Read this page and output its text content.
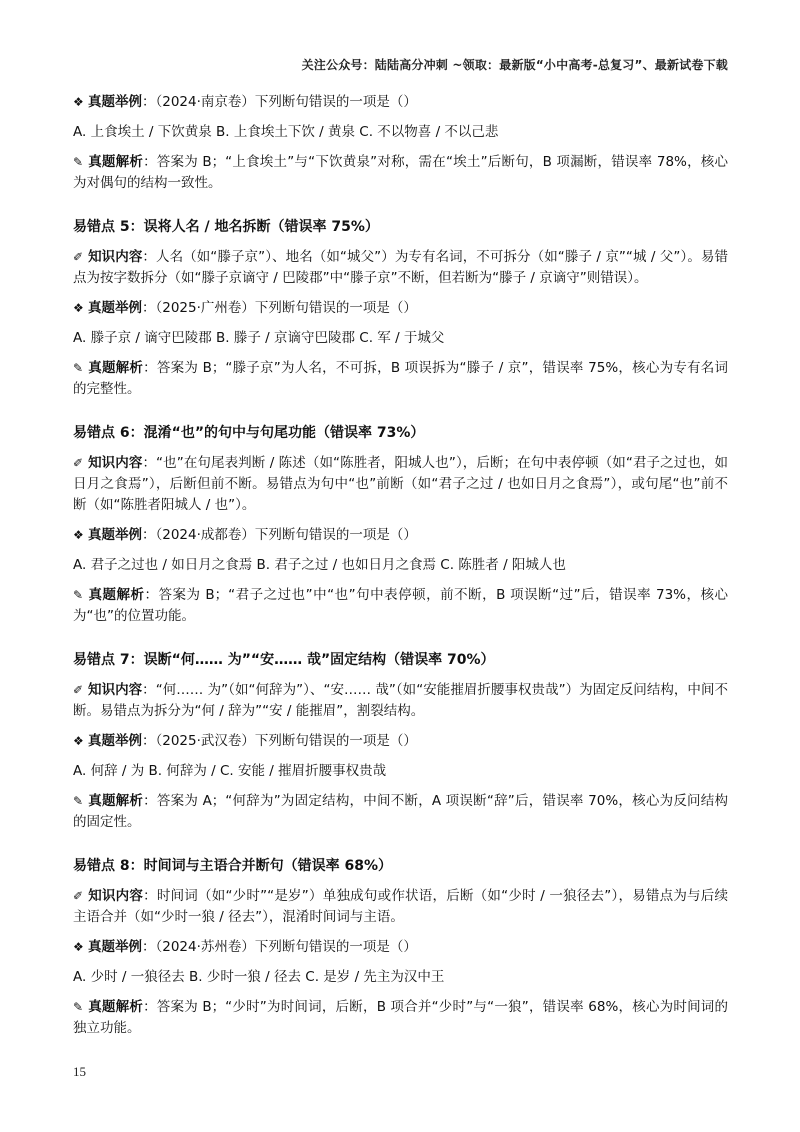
关注公众号：陆陆高分冲刺 ~领取：最新版“小中高考-总复习”、最新试卷下载

❖ 真题举例：（2024·南京卷）下列断句错误的一项是（）

A. 上食埃土 / 下饮黄泉 B. 上食埃土下饮 / 黄泉 C. 不以物喜 / 不以己悲

✎ 真题解析：答案为 B；“上食埃土”与“下饮黄泉”对称，需在“埃土”后断句，B 项漏断，错误率 78%，核心为对偶句的结构一致性。

易错点 5：误将人名 / 地名拆断（错误率 75%）

✐ 知识内容：人名（如“滕子京”）、地名（如“城父”）为专有名词，不可拆分（如“滕子 / 京”“城 / 父”）。易错点为按字数拆分（如“滕子京谪守 / 巴陵郡”中“滕子京”不断，但若断为“滕子 / 京谪守”则错误）。

❖ 真题举例：（2025·广州卷）下列断句错误的一项是（）

A. 滕子京 / 谪守巴陵郡 B. 滕子 / 京谪守巴陵郡 C. 军 / 于城父

✎ 真题解析：答案为 B；“滕子京”为人名，不可拆，B 项误拆为“滕子 / 京”，错误率 75%，核心为专有名词的完整性。

易错点 6：混淆“也”的句中与句尾功能（错误率 73%）

✐ 知识内容：“也”在句尾表判断 / 陈述（如“陈胜者，阳城人也”），后断；在句中表停顿（如“君子之过也，如日月之食焉”），后断但前不断。易错点为句中“也”前断（如“君子之过 / 也如日月之食焉”），或句尾“也”前不断（如“陈胜者阳城人 / 也”）。

❖ 真题举例：（2024·成都卷）下列断句错误的一项是（）

A. 君子之过也 / 如日月之食焉 B. 君子之过 / 也如日月之食焉 C. 陈胜者 / 阳城人也

✎ 真题解析：答案为 B；“君子之过也”中“也”句中表停顿，前不断，B 项误断“过”后，错误率 73%，核心为“也”的位置功能。

易错点 7：误断“何…… 为”“安…… 哉”固定结构（错误率 70%）

✐ 知识内容：“何…… 为”（如“何辞为”）、“安…… 哉”（如“安能摧眉折腰事权贵哉”）为固定反问结构，中间不断。易错点为拆分为“何 / 辞为”“安 / 能摧眉”，割裂结构。

❖ 真题举例：（2025·武汉卷）下列断句错误的一项是（）

A. 何辞 / 为 B. 何辞为 / C. 安能 / 摧眉折腰事权贵哉

✎ 真题解析：答案为 A；“何辞为”为固定结构，中间不断，A 项误断“辞”后，错误率 70%，核心为反问结构的固定性。

易错点 8：时间词与主语合并断句（错误率 68%）

✐ 知识内容：时间词（如“少时”“是岁”）单独成句或作状语，后断（如“少时 / 一狼径去”），易错点为与后续主语合并（如“少时一狼 / 径去”），混淆时间词与主语。

❖ 真题举例：（2024·苏州卷）下列断句错误的一项是（）

A. 少时 / 一狼径去 B. 少时一狼 / 径去 C. 是岁 / 先主为汉中王

✎ 真题解析：答案为 B；“少时”为时间词，后断，B 项合并“少时”与“一狼”，错误率 68%，核心为时间词的独立功能。

15
